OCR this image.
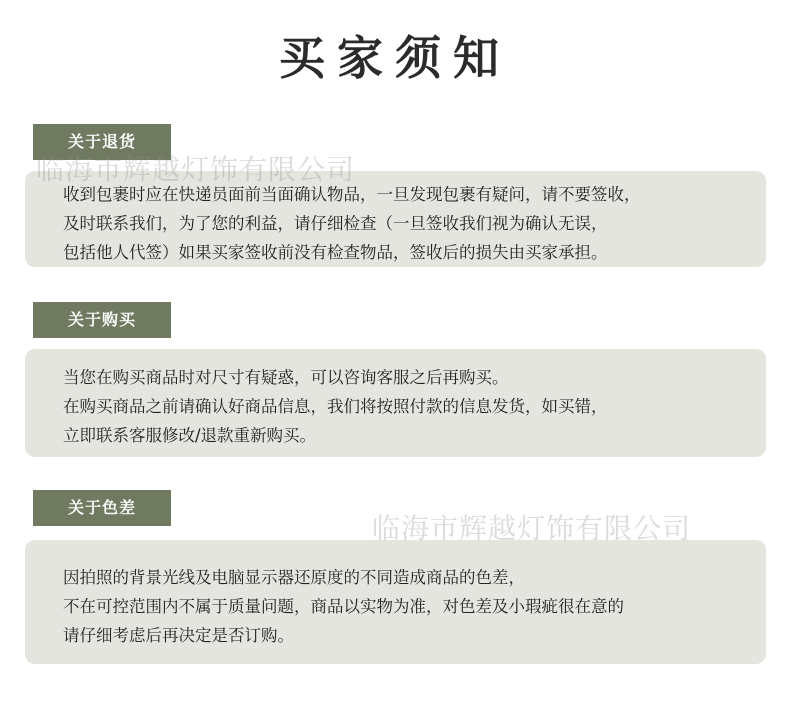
买家须知
关于退货
收到包裹时应在快递员面前当面确认物品，一旦发现包裹有疑问，请不要签收，
及时联系我们，为了您的利益，请仔细检查（一旦签收我们视为确认无误，
包括他人代签）如果买家签收前没有检查物品，签收后的损失由买家承担。
关于购买
当您在购买商品时对尺寸有疑惑，可以咨询客服之后再购买。
在购买商品之前请确认好商品信息，我们将按照付款的信息发货，如买错，
立即联系客服修改/退款重新购买。
关于色差
因拍照的背景光线及电脑显示器还原度的不同造成商品的色差，
不在可控范围内不属于质量问题，商品以实物为准，对色差及小瑕疵很在意的
请仔细考虑后再决定是否订购。
临海市辉越灯饰有限公司
临海市辉越灯饰有限公司
